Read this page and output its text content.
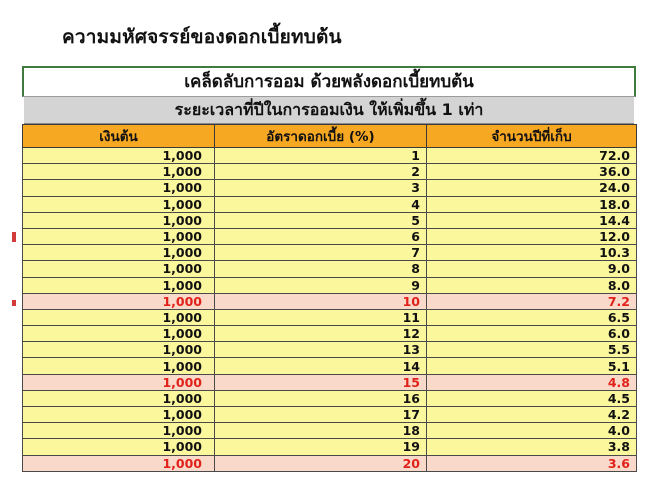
ความมหัศจรรย์ของดอกเบี้ยทบต้น
เคล็ดลับการออม ด้วยพลังดอกเบี้ยทบต้น
ระยะเวลาที่ปีในการออมเงิน ให้เพิ่มขึ้น 1 เท่า
เงินต้น	อัตราดอกเบี้ย (%)	จำนวนปีที่เก็บ
1,000	1	72.0
1,000	2	36.0
1,000	3	24.0
1,000	4	18.0
1,000	5	14.4
1,000	6	12.0
1,000	7	10.3
1,000	8	9.0
1,000	9	8.0
1,000	10	7.2
1,000	11	6.5
1,000	12	6.0
1,000	13	5.5
1,000	14	5.1
1,000	15	4.8
1,000	16	4.5
1,000	17	4.2
1,000	18	4.0
1,000	19	3.8
1,000	20	3.6
